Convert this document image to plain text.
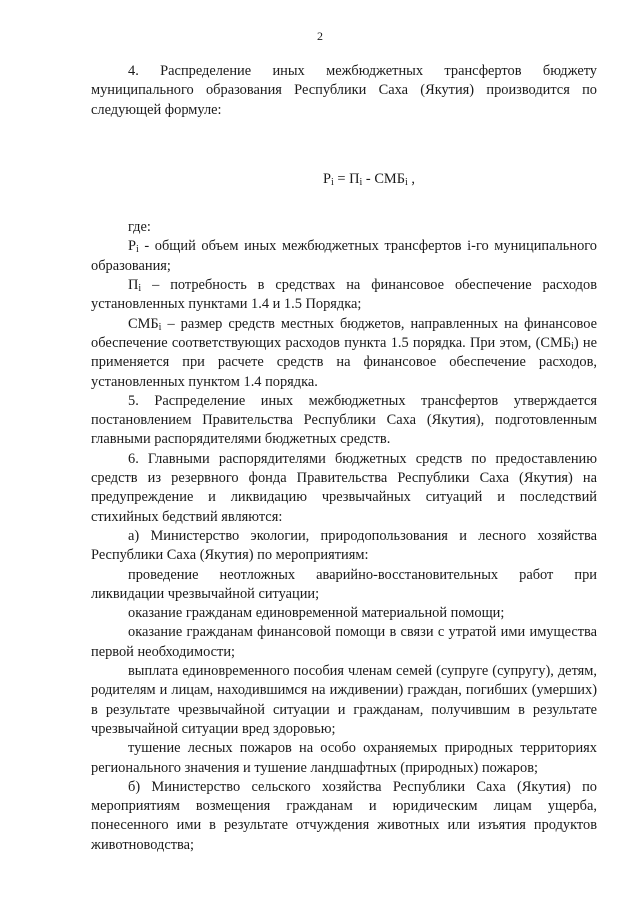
2

4. Распределение иных межбюджетных трансфертов бюджету муниципального образования Республики Саха (Якутия) производится по следующей формуле:

$Р_i = П_i - СМБ_i$ ,

где:

$Р_i$ - общий объем иных межбюджетных трансфертов i-го муниципального образования;

$П_i$ – потребность в средствах на финансовое обеспечение расходов установленных пунктами 1.4 и 1.5 Порядка;

$СМБ_i$ – размер средств местных бюджетов, направленных на финансовое обеспечение соответствующих расходов пункта 1.5 порядка. При этом, $(СМБ_i)$ не применяется при расчете средств на финансовое обеспечение расходов, установленных пунктом 1.4 порядка.

5. Распределение иных межбюджетных трансфертов утверждается постановлением Правительства Республики Саха (Якутия), подготовленным главными распорядителями бюджетных средств.

6. Главными распорядителями бюджетных средств по предоставлению средств из резервного фонда Правительства Республики Саха (Якутия) на предупреждение и ликвидацию чрезвычайных ситуаций и последствий стихийных бедствий являются:

а) Министерство экологии, природопользования и лесного хозяйства Республики Саха (Якутия) по мероприятиям:

проведение неотложных аварийно-восстановительных работ при ликвидации чрезвычайной ситуации;

оказание гражданам единовременной материальной помощи;

оказание гражданам финансовой помощи в связи с утратой ими имущества первой необходимости;

выплата единовременного пособия членам семей (супруге (супругу), детям, родителям и лицам, находившимся на иждивении) граждан, погибших (умерших) в результате чрезвычайной ситуации и гражданам, получившим в результате чрезвычайной ситуации вред здоровью;

тушение лесных пожаров на особо охраняемых природных территориях регионального значения и тушение ландшафтных (природных) пожаров;

б) Министерство сельского хозяйства Республики Саха (Якутия) по мероприятиям возмещения гражданам и юридическим лицам ущерба, понесенного ими в результате отчуждения животных или изъятия продуктов животноводства;
